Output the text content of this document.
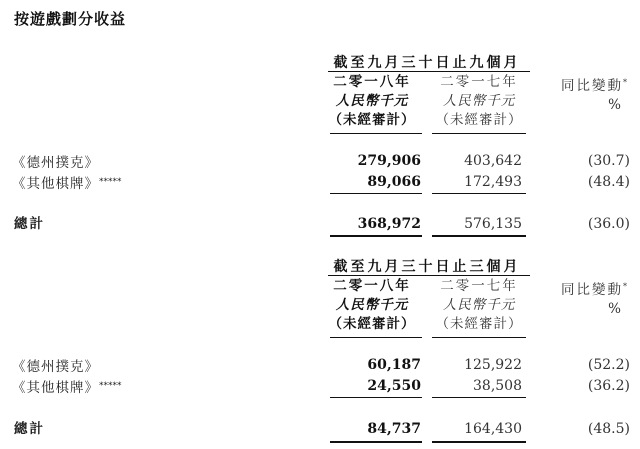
按遊戲劃分收益
截至九月三十日止九個月
二零一八年
人民幣千元
（未經審計）
二零一七年
人民幣千元
（未經審計）
同比變動*
%
《德州撲克》	279,906	403,642	(30.7)
《其他棋牌》*****	89,066	172,493	(48.4)
總計	368,972	576,135	(36.0)
截至九月三十日止三個月
二零一八年
人民幣千元
（未經審計）
二零一七年
人民幣千元
（未經審計）
同比變動*
%
《德州撲克》	60,187	125,922	(52.2)
《其他棋牌》*****	24,550	38,508	(36.2)
總計	84,737	164,430	(48.5)
